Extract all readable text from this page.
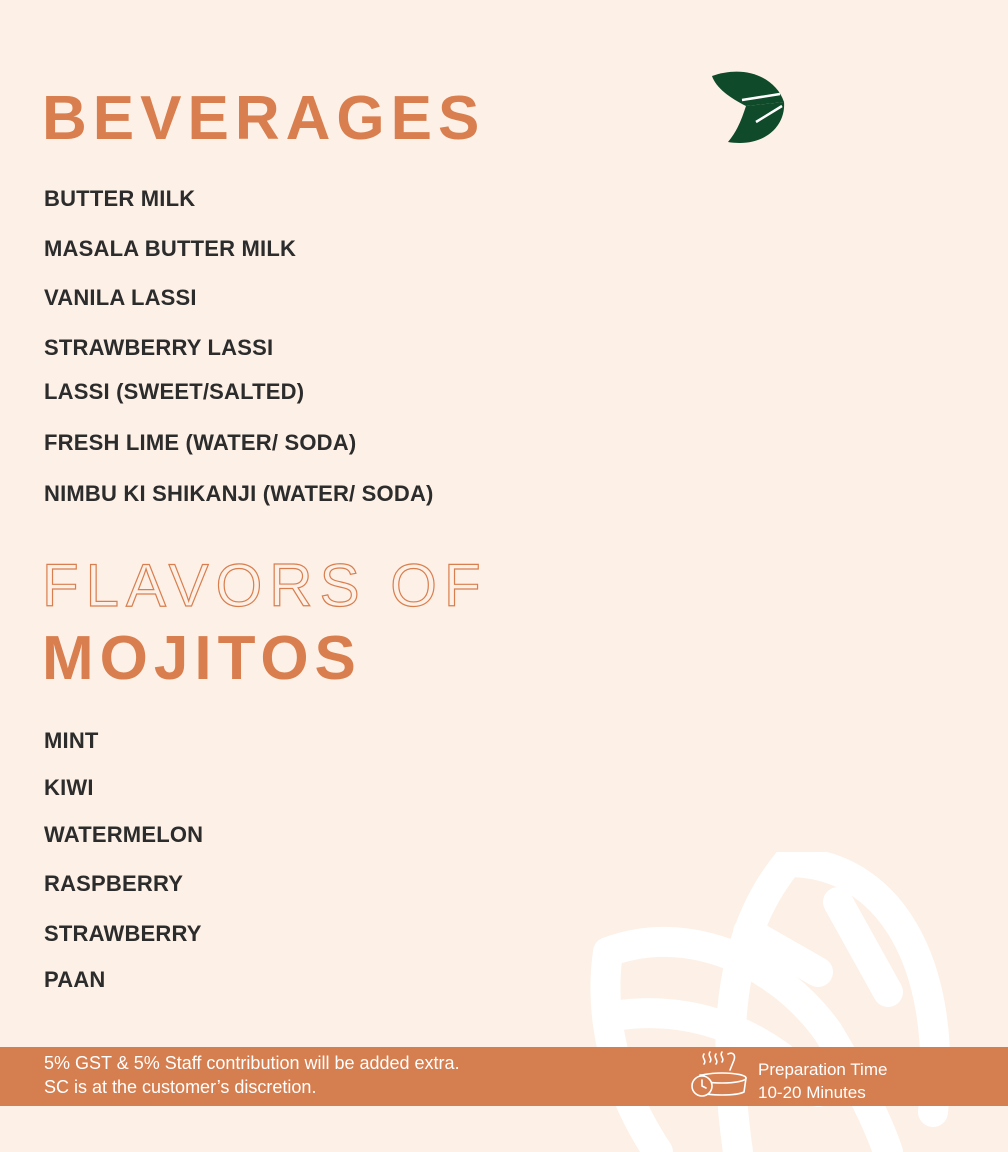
BEVERAGES

BUTTER MILK

MASALA BUTTER MILK

VANILA LASSI

STRAWBERRY LASSI

LASSI (SWEET/SALTED)

FRESH LIME (WATER/ SODA)

NIMBU KI SHIKANJI (WATER/ SODA)

FLAVORS OF
MOJITOS

MINT

KIWI

WATERMELON

RASPBERRY

STRAWBERRY

PAAN

5% GST & 5% Staff contribution will be added extra.
SC is at the customer’s discretion.
Preparation Time
10-20 Minutes
